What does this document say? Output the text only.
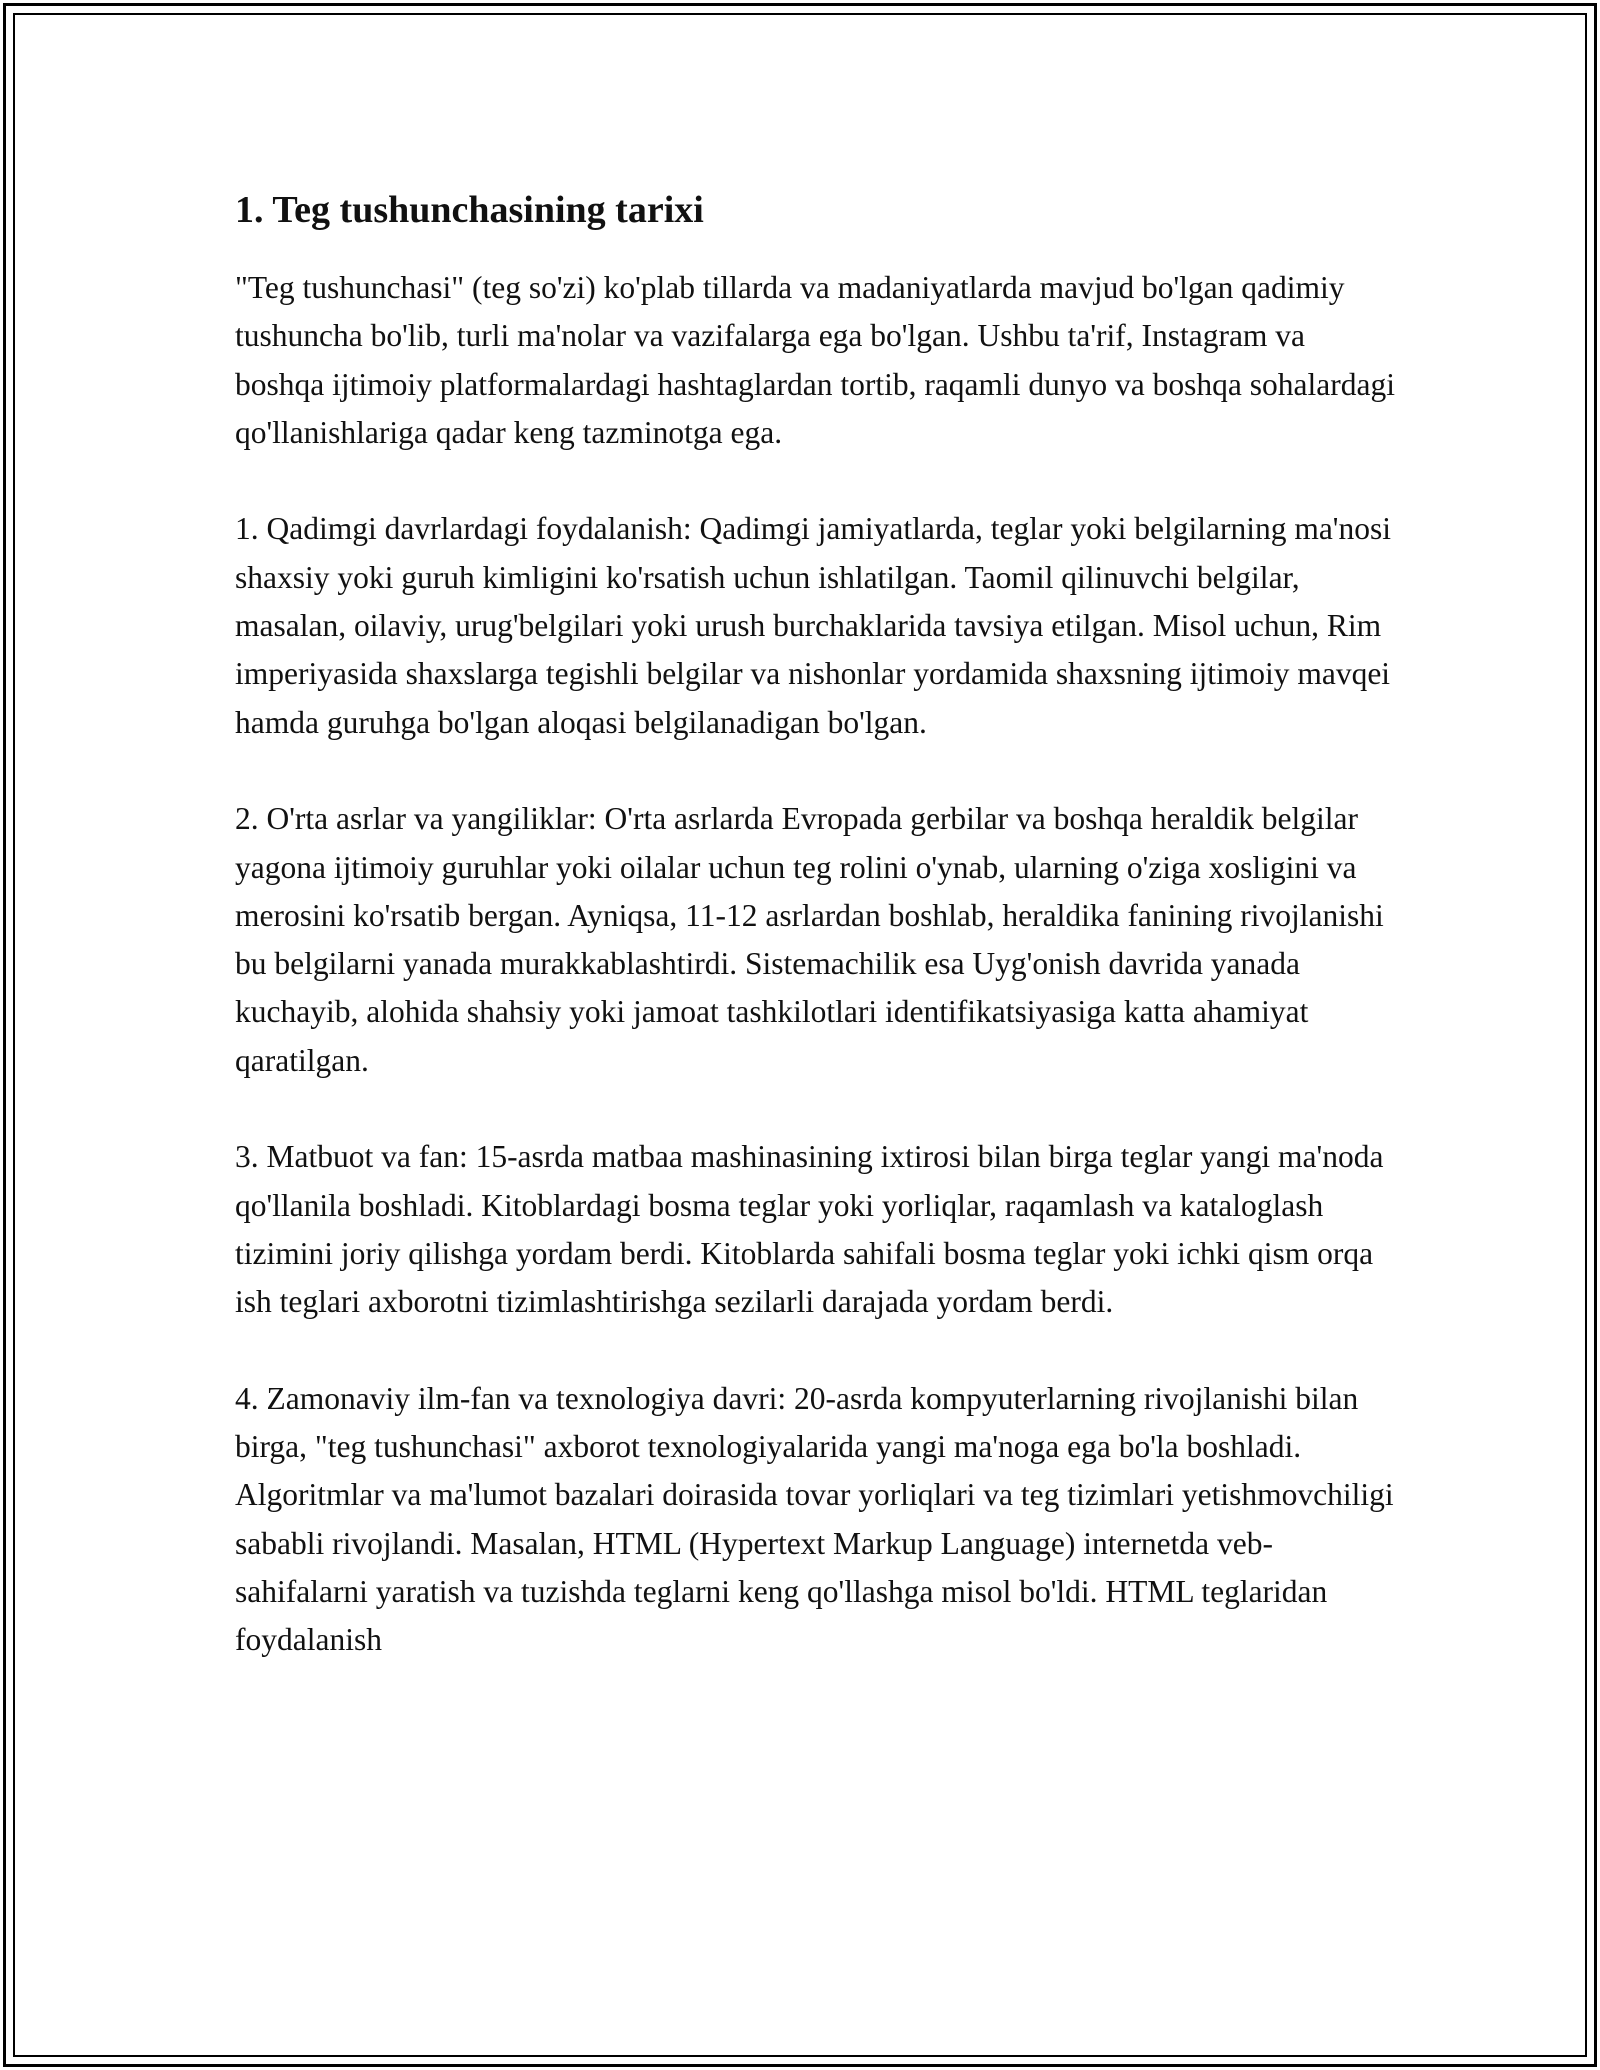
1. Teg tushunchasining tarixi

"Teg tushunchasi" (teg so'zi) ko'plab tillarda va madaniyatlarda mavjud bo'lgan qadimiy tushuncha bo'lib, turli ma'nolar va vazifalarga ega bo'lgan. Ushbu ta'rif, Instagram va boshqa ijtimoiy platformalardagi hashtaglardan tortib, raqamli dunyo va boshqa sohalardagi qo'llanishlariga qadar keng tazminotga ega.

1. Qadimgi davrlardagi foydalanish: Qadimgi jamiyatlarda, teglar yoki belgilarning ma'nosi shaxsiy yoki guruh kimligini ko'rsatish uchun ishlatilgan. Taomil qilinuvchi belgilar, masalan, oilaviy, urug'belgilari yoki urush burchaklarida tavsiya etilgan. Misol uchun, Rim imperiyasida shaxslarga tegishli belgilar va nishonlar yordamida shaxsning ijtimoiy mavqei hamda guruhga bo'lgan aloqasi belgilanadigan bo'lgan.

2. O'rta asrlar va yangiliklar: O'rta asrlarda Evropada gerbilar va boshqa heraldik belgilar yagona ijtimoiy guruhlar yoki oilalar uchun teg rolini o'ynab, ularning o'ziga xosligini va merosini ko'rsatib bergan. Ayniqsa, 11-12 asrlardan boshlab, heraldika fanining rivojlanishi bu belgilarni yanada murakkablashtirdi. Sistemachilik esa Uyg'onish davrida yanada kuchayib, alohida shahsiy yoki jamoat tashkilotlari identifikatsiyasiga katta ahamiyat qaratilgan.

3. Matbuot va fan: 15-asrda matbaa mashinasining ixtirosi bilan birga teglar yangi ma'noda qo'llanila boshladi. Kitoblardagi bosma teglar yoki yorliqlar, raqamlash va kataloglash tizimini joriy qilishga yordam berdi. Kitoblarda sahifali bosma teglar yoki ichki qism orqa ish teglari axborotni tizimlashtirishga sezilarli darajada yordam berdi.

4. Zamonaviy ilm-fan va texnologiya davri: 20-asrda kompyuterlarning rivojlanishi bilan birga, "teg tushunchasi" axborot texnologiyalarida yangi ma'noga ega bo'la boshladi. Algoritmlar va ma'lumot bazalari doirasida tovar yorliqlari va teg tizimlari yetishmovchiligi sababli rivojlandi. Masalan, HTML (Hypertext Markup Language) internetda veb-sahifalarni yaratish va tuzishda teglarni keng qo'llashga misol bo'ldi. HTML teglaridan foydalanish
